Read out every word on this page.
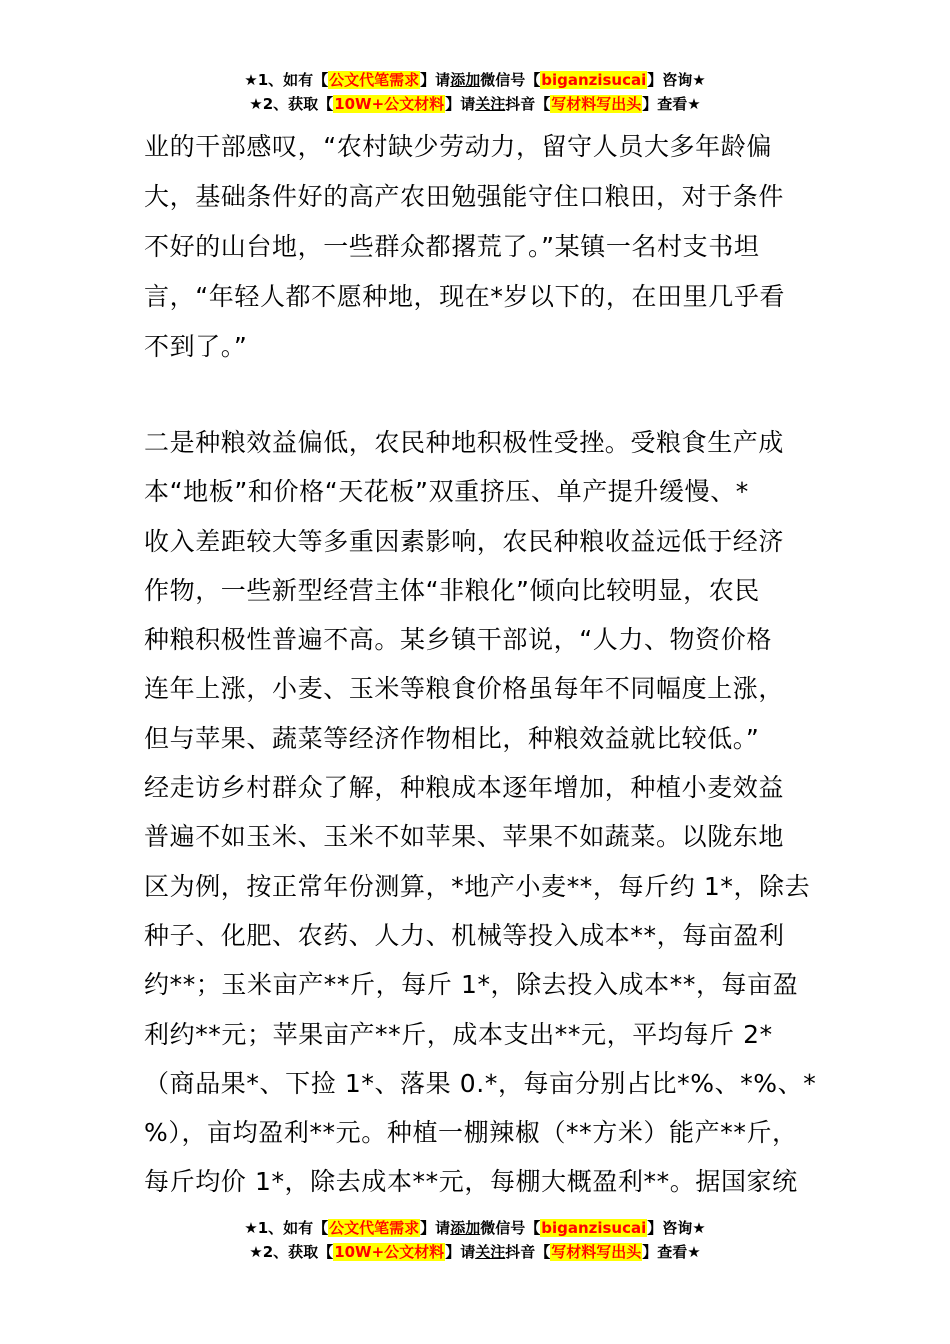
★1、如有【公文代笔需求】请添加微信号【biganzisucai】咨询★
★2、获取【10W+公文材料】请关注抖音【写材料写出头】查看★
业的干部感叹，“农村缺少劳动力，留守人员大多年龄偏
大，基础条件好的高产农田勉强能守住口粮田，对于条件
不好的山台地，一些群众都撂荒了。”某镇一名村支书坦
言，“年轻人都不愿种地，现在*岁以下的，在田里几乎看
不到了。”
二是种粮效益偏低，农民种地积极性受挫。受粮食生产成
本“地板”和价格“天花板”双重挤压、单产提升缓慢、*
收入差距较大等多重因素影响，农民种粮收益远低于经济
作物，一些新型经营主体“非粮化”倾向比较明显，农民
种粮积极性普遍不高。某乡镇干部说，“人力、物资价格
连年上涨，小麦、玉米等粮食价格虽每年不同幅度上涨，
但与苹果、蔬菜等经济作物相比，种粮效益就比较低。”
经走访乡村群众了解，种粮成本逐年增加，种植小麦效益
普遍不如玉米、玉米不如苹果、苹果不如蔬菜。以陇东地
区为例，按正常年份测算，*地产小麦**，每斤约 1*，除去
种子、化肥、农药、人力、机械等投入成本**，每亩盈利
约**；玉米亩产**斤，每斤 1*，除去投入成本**，每亩盈
利约**元；苹果亩产**斤，成本支出**元，平均每斤 2*
（商品果*、下捡 1*、落果 0.*，每亩分别占比*%、*%、*
%），亩均盈利**元。种植一棚辣椒（**方米）能产**斤，
每斤均价 1*，除去成本**元，每棚大概盈利**。据国家统
★1、如有【公文代笔需求】请添加微信号【biganzisucai】咨询★
★2、获取【10W+公文材料】请关注抖音【写材料写出头】查看★
